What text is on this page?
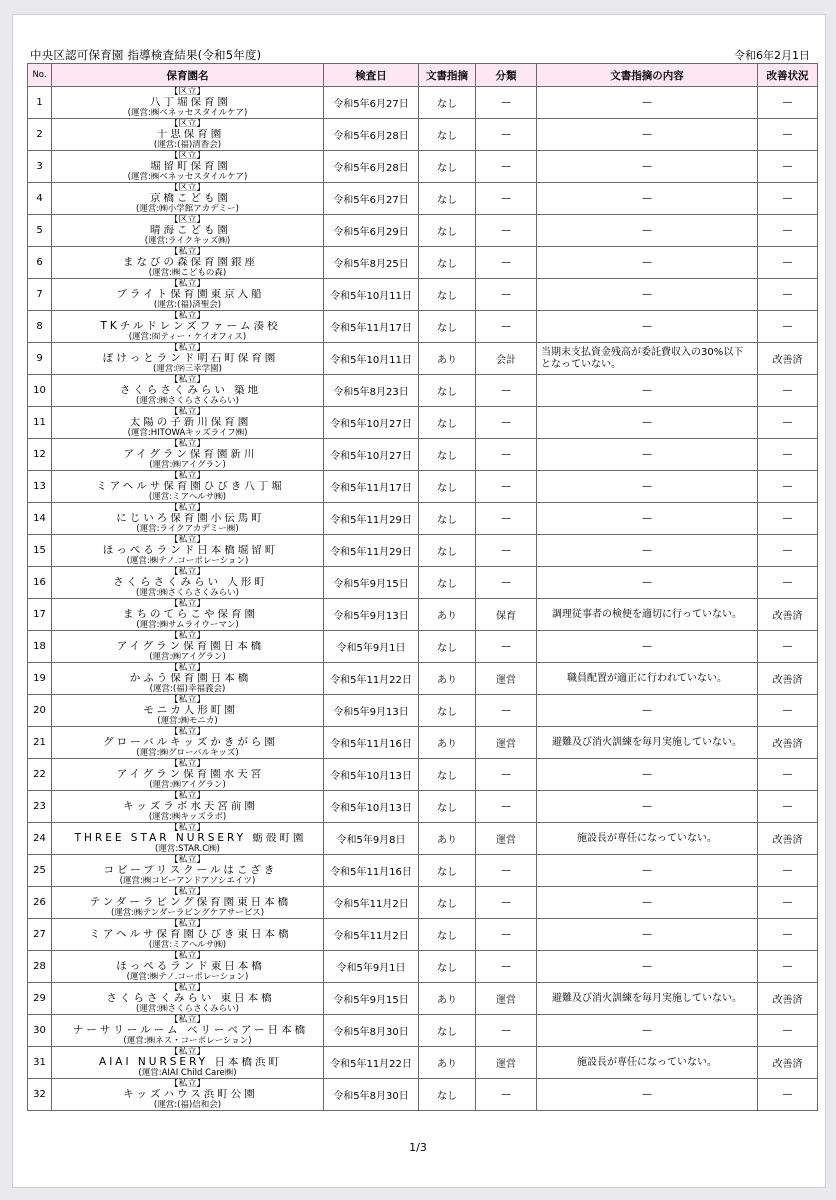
中央区認可保育園 指導検査結果(令和5年度)	令和6年2月1日
No.	保育園名	検査日	文書指摘	分類	文書指摘の内容	改善状況
1	【区立】
八丁堀保育園
(運営:㈱ベネッセスタイルケア)	令和5年6月27日	なし	—	—	—
2	【区立】
十思保育園
(運営:(福)清香会)	令和5年6月28日	なし	—	—	—
3	【区立】
堀留町保育園
(運営:㈱ベネッセスタイルケア)	令和5年6月28日	なし	—	—	—
4	【区立】
京橋こども園
(運営:㈱小学館アカデミー)	令和5年6月27日	なし	—	—	—
5	【区立】
晴海こども園
(運営:ライクキッズ㈱)	令和5年6月29日	なし	—	—	—
6	【私立】
まなびの森保育園銀座
(運営:㈱こどもの森)	令和5年8月25日	なし	—	—	—
7	【私立】
ブライト保育園東京入船
(運営:(福)済聖会)	令和5年10月11日	なし	—	—	—
8	【私立】
TKチルドレンズファーム湊校
(運営:㈲ティー・ケイオフィス)	令和5年11月17日	なし	—	—	—
9	【私立】
ぽけっとランド明石町保育園
(運営:㈻三幸学園)	令和5年10月11日	あり	会計	当期末支払資金残高が委託費収入の30%以下となっていない。	改善済
10	【私立】
さくらさくみらい 築地
(運営:㈱さくらさくみらい)	令和5年8月23日	なし	—	—	—
11	【私立】
太陽の子新川保育園
(運営:HITOWAキッズライフ㈱)	令和5年10月27日	なし	—	—	—
12	【私立】
アイグラン保育園新川
(運営:㈱アイグラン)	令和5年10月27日	なし	—	—	—
13	【私立】
ミアヘルサ保育園ひびき八丁堀
(運営:ミアヘルサ㈱)	令和5年11月17日	なし	—	—	—
14	【私立】
にじいろ保育園小伝馬町
(運営:ライクアカデミー㈱)	令和5年11月29日	なし	—	—	—
15	【私立】
ほっぺるランド日本橋堀留町
(運営:㈱テノ.コーポレーション)	令和5年11月29日	なし	—	—	—
16	【私立】
さくらさくみらい 人形町
(運営:㈱さくらさくみらい)	令和5年9月15日	なし	—	—	—
17	【私立】
まちのてらこや保育園
(運営:㈱サムライウーマン)	令和5年9月13日	あり	保育	調理従事者の検便を適切に行っていない。	改善済
18	【私立】
アイグラン保育園日本橋
(運営:㈱アイグラン)	令和5年9月1日	なし	—	—	—
19	【私立】
かふう保育園日本橋
(運営:(福)幸福義会)	令和5年11月22日	あり	運営	職員配置が適正に行われていない。	改善済
20	【私立】
モニカ人形町園
(運営:㈱モニカ)	令和5年9月13日	なし	—	—	—
21	【私立】
グローバルキッズかきがら園
(運営:㈱グローバルキッズ)	令和5年11月16日	あり	運営	避難及び消火訓練を毎月実施していない。	改善済
22	【私立】
アイグラン保育園水天宮
(運営:㈱アイグラン)	令和5年10月13日	なし	—	—	—
23	【私立】
キッズラボ水天宮前園
(運営:㈱キッズラボ)	令和5年10月13日	なし	—	—	—
24	【私立】
THREE STAR NURSERY 蛎殻町園
(運営:STAR.C㈱)	令和5年9月8日	あり	運営	施設長が専任になっていない。	改善済
25	【私立】
コビープリスクールはこざき
(運営:㈱コビーアンドアソシエイツ)	令和5年11月16日	なし	—	—	—
26	【私立】
テンダーラビング保育園東日本橋
(運営:㈱テンダーラビングケアサービス)	令和5年11月2日	なし	—	—	—
27	【私立】
ミアヘルサ保育園ひびき東日本橋
(運営:ミアヘルサ㈱)	令和5年11月2日	なし	—	—	—
28	【私立】
ほっぺるランド東日本橋
(運営:㈱テノ.コーポレーション)	令和5年9月1日	なし	—	—	—
29	【私立】
さくらさくみらい 東日本橋
(運営:㈱さくらさくみらい)	令和5年9月15日	あり	運営	避難及び消火訓練を毎月実施していない。	改善済
30	【私立】
ナーサリールーム ベリーベアー日本橋
(運営:㈱ネス・コーポレーション)	令和5年8月30日	なし	—	—	—
31	【私立】
AIAI NURSERY 日本橋浜町
(運営:AIAI Child Care㈱)	令和5年11月22日	あり	運営	施設長が専任になっていない。	改善済
32	【私立】
キッズハウス浜町公園
(運営:(福)信和会)	令和5年8月30日	なし	—	—	—
1/3
